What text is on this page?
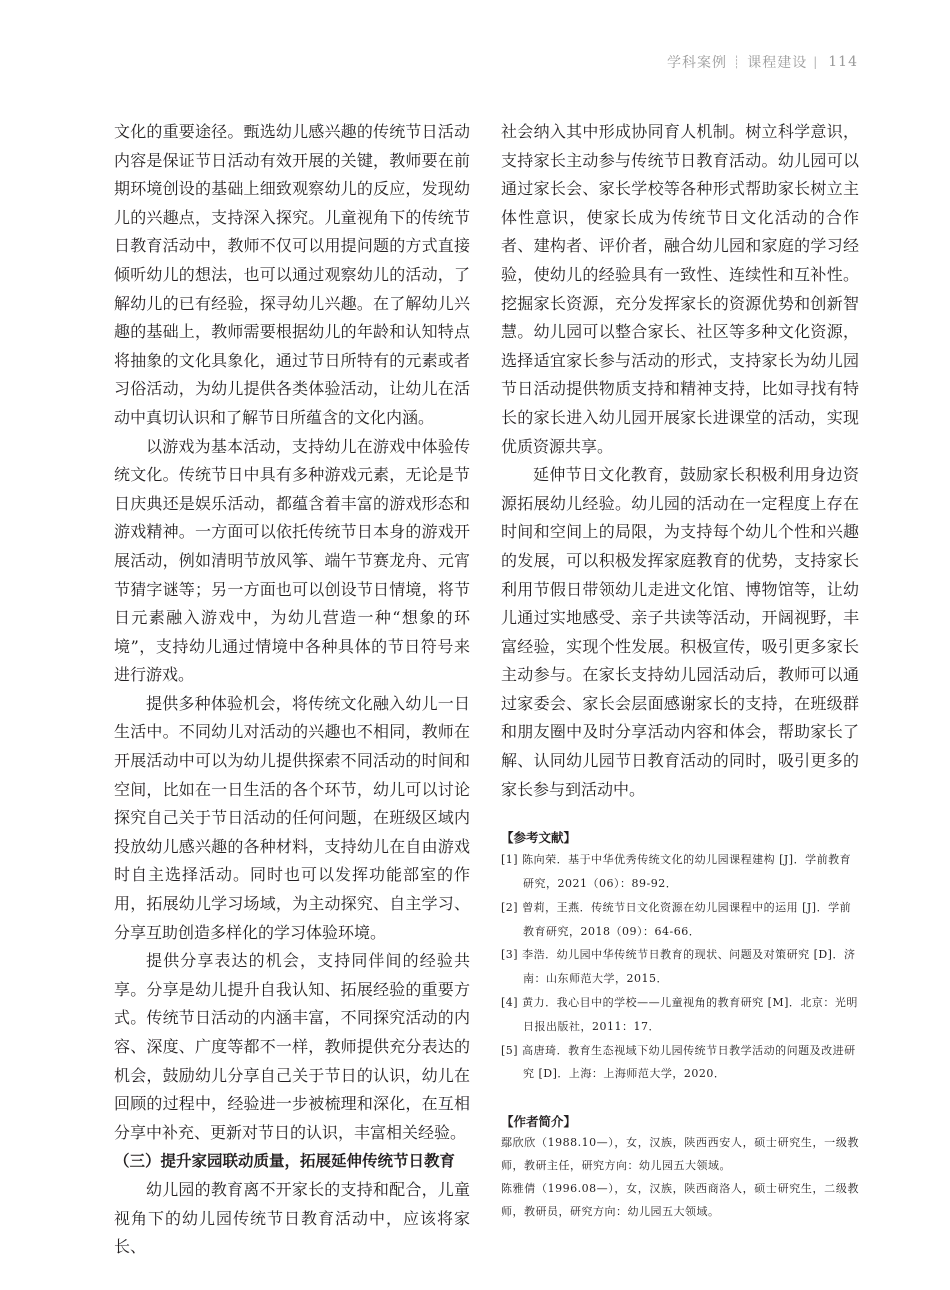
学科案例 ┊ 课程建设 | 114

文化的重要途径。甄选幼儿感兴趣的传统节日活动内容是保证节日活动有效开展的关键，教师要在前期环境创设的基础上细致观察幼儿的反应，发现幼儿的兴趣点，支持深入探究。儿童视角下的传统节日教育活动中，教师不仅可以用提问题的方式直接倾听幼儿的想法，也可以通过观察幼儿的活动，了解幼儿的已有经验，探寻幼儿兴趣。在了解幼儿兴趣的基础上，教师需要根据幼儿的年龄和认知特点将抽象的文化具象化，通过节日所特有的元素或者习俗活动，为幼儿提供各类体验活动，让幼儿在活动中真切认识和了解节日所蕴含的文化内涵。

以游戏为基本活动，支持幼儿在游戏中体验传统文化。传统节日中具有多种游戏元素，无论是节日庆典还是娱乐活动，都蕴含着丰富的游戏形态和游戏精神。一方面可以依托传统节日本身的游戏开展活动，例如清明节放风筝、端午节赛龙舟、元宵节猜字谜等；另一方面也可以创设节日情境，将节日元素融入游戏中，为幼儿营造一种“想象的环境”，支持幼儿通过情境中各种具体的节日符号来进行游戏。

提供多种体验机会，将传统文化融入幼儿一日生活中。不同幼儿对活动的兴趣也不相同，教师在开展活动中可以为幼儿提供探索不同活动的时间和空间，比如在一日生活的各个环节，幼儿可以讨论探究自己关于节日活动的任何问题，在班级区域内投放幼儿感兴趣的各种材料，支持幼儿在自由游戏时自主选择活动。同时也可以发挥功能部室的作用，拓展幼儿学习场域，为主动探究、自主学习、分享互助创造多样化的学习体验环境。

提供分享表达的机会，支持同伴间的经验共享。分享是幼儿提升自我认知、拓展经验的重要方式。传统节日活动的内涵丰富，不同探究活动的内容、深度、广度等都不一样，教师提供充分表达的机会，鼓励幼儿分享自己关于节日的认识，幼儿在回顾的过程中，经验进一步被梳理和深化，在互相分享中补充、更新对节日的认识，丰富相关经验。

（三）提升家园联动质量，拓展延伸传统节日教育

幼儿园的教育离不开家长的支持和配合，儿童视角下的幼儿园传统节日教育活动中，应该将家长、

社会纳入其中形成协同育人机制。树立科学意识，支持家长主动参与传统节日教育活动。幼儿园可以通过家长会、家长学校等各种形式帮助家长树立主体性意识，使家长成为传统节日文化活动的合作者、建构者、评价者，融合幼儿园和家庭的学习经验，使幼儿的经验具有一致性、连续性和互补性。挖掘家长资源，充分发挥家长的资源优势和创新智慧。幼儿园可以整合家长、社区等多种文化资源，选择适宜家长参与活动的形式，支持家长为幼儿园节日活动提供物质支持和精神支持，比如寻找有特长的家长进入幼儿园开展家长进课堂的活动，实现优质资源共享。

延伸节日文化教育，鼓励家长积极利用身边资源拓展幼儿经验。幼儿园的活动在一定程度上存在时间和空间上的局限，为支持每个幼儿个性和兴趣的发展，可以积极发挥家庭教育的优势，支持家长利用节假日带领幼儿走进文化馆、博物馆等，让幼儿通过实地感受、亲子共读等活动，开阔视野，丰富经验，实现个性发展。积极宣传，吸引更多家长主动参与。在家长支持幼儿园活动后，教师可以通过家委会、家长会层面感谢家长的支持，在班级群和朋友圈中及时分享活动内容和体会，帮助家长了解、认同幼儿园节日教育活动的同时，吸引更多的家长参与到活动中。

【参考文献】

[1] 陈向荣．基于中华优秀传统文化的幼儿园课程建构 [J]．学前教育研究，2021（06）：89-92．

[2] 曾莉，王燕．传统节日文化资源在幼儿园课程中的运用 [J]．学前教育研究，2018（09）：64-66．

[3] 李浩．幼儿园中华传统节日教育的现状、问题及对策研究 [D]．济南：山东师范大学，2015．

[4] 黄力．我心目中的学校——儿童视角的教育研究 [M]．北京：光明日报出版社，2011：17．

[5] 高唐琦．教育生态视域下幼儿园传统节日教学活动的问题及改进研究 [D]．上海：上海师范大学，2020．

【作者简介】

鄢欣欣（1988.10—），女，汉族，陕西西安人，硕士研究生，一级教师，教研主任，研究方向：幼儿园五大领域。

陈雅倩（1996.08—），女，汉族，陕西商洛人，硕士研究生，二级教师，教研员，研究方向：幼儿园五大领域。
